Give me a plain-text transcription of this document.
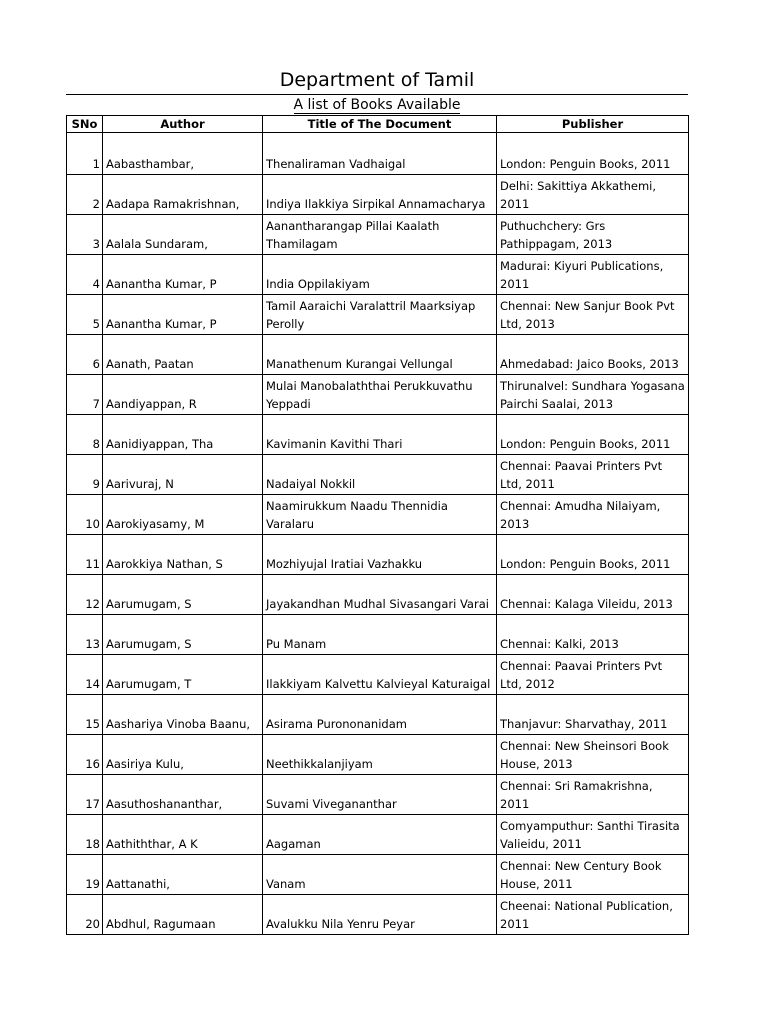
Department of Tamil
A list of Books Available
SNo	Author	Title of The Document	Publisher
1	Aabasthambar,	Thenaliraman Vadhaigal	London: Penguin Books, 2011
2	Aadapa Ramakrishnan,	Indiya Ilakkiya Sirpikal Annamacharya	Delhi: Sakittiya Akkathemi, 2011
3	Aalala Sundaram,	Aanantharangap Pillai Kaalath Thamilagam	Puthuchchery: Grs Pathippagam, 2013
4	Aanantha Kumar, P	India Oppilakiyam	Madurai: Kiyuri Publications, 2011
5	Aanantha Kumar, P	Tamil Aaraichi Varalattril Maarksiyap Perolly	Chennai: New Sanjur Book Pvt Ltd, 2013
6	Aanath, Paatan	Manathenum Kurangai Vellungal	Ahmedabad: Jaico Books, 2013
7	Aandiyappan, R	Mulai Manobalaththai Perukkuvathu Yeppadi	Thirunalvel: Sundhara Yogasana Pairchi Saalai, 2013
8	Aanidiyappan, Tha	Kavimanin Kavithi Thari	London: Penguin Books, 2011
9	Aarivuraj, N	Nadaiyal Nokkil	Chennai: Paavai Printers Pvt Ltd, 2011
10	Aarokiyasamy, M	Naamirukkum Naadu Thennidia Varalaru	Chennai: Amudha Nilaiyam, 2013
11	Aarokkiya Nathan, S	Mozhiyujal Iratiai Vazhakku	London: Penguin Books, 2011
12	Aarumugam, S	Jayakandhan Mudhal Sivasangari Varai	Chennai: Kalaga Vileidu, 2013
13	Aarumugam, S	Pu Manam	Chennai: Kalki, 2013
14	Aarumugam, T	Ilakkiyam Kalvettu Kalvieyal Katuraigal	Chennai: Paavai Printers Pvt Ltd, 2012
15	Aashariya Vinoba Baanu,	Asirama Purononanidam	Thanjavur: Sharvathay, 2011
16	Aasiriya Kulu,	Neethikkalanjiyam	Chennai: New Sheinsori Book House, 2013
17	Aasuthoshananthar,	Suvami Vivegananthar	Chennai: Sri Ramakrishna, 2011
18	Aathiththar, A K	Aagaman	Comyamputhur: Santhi Tirasita Valieidu, 2011
19	Aattanathi,	Vanam	Chennai: New Century Book House, 2011
20	Abdhul, Ragumaan	Avalukku Nila Yenru Peyar	Cheenai: National Publication, 2011
